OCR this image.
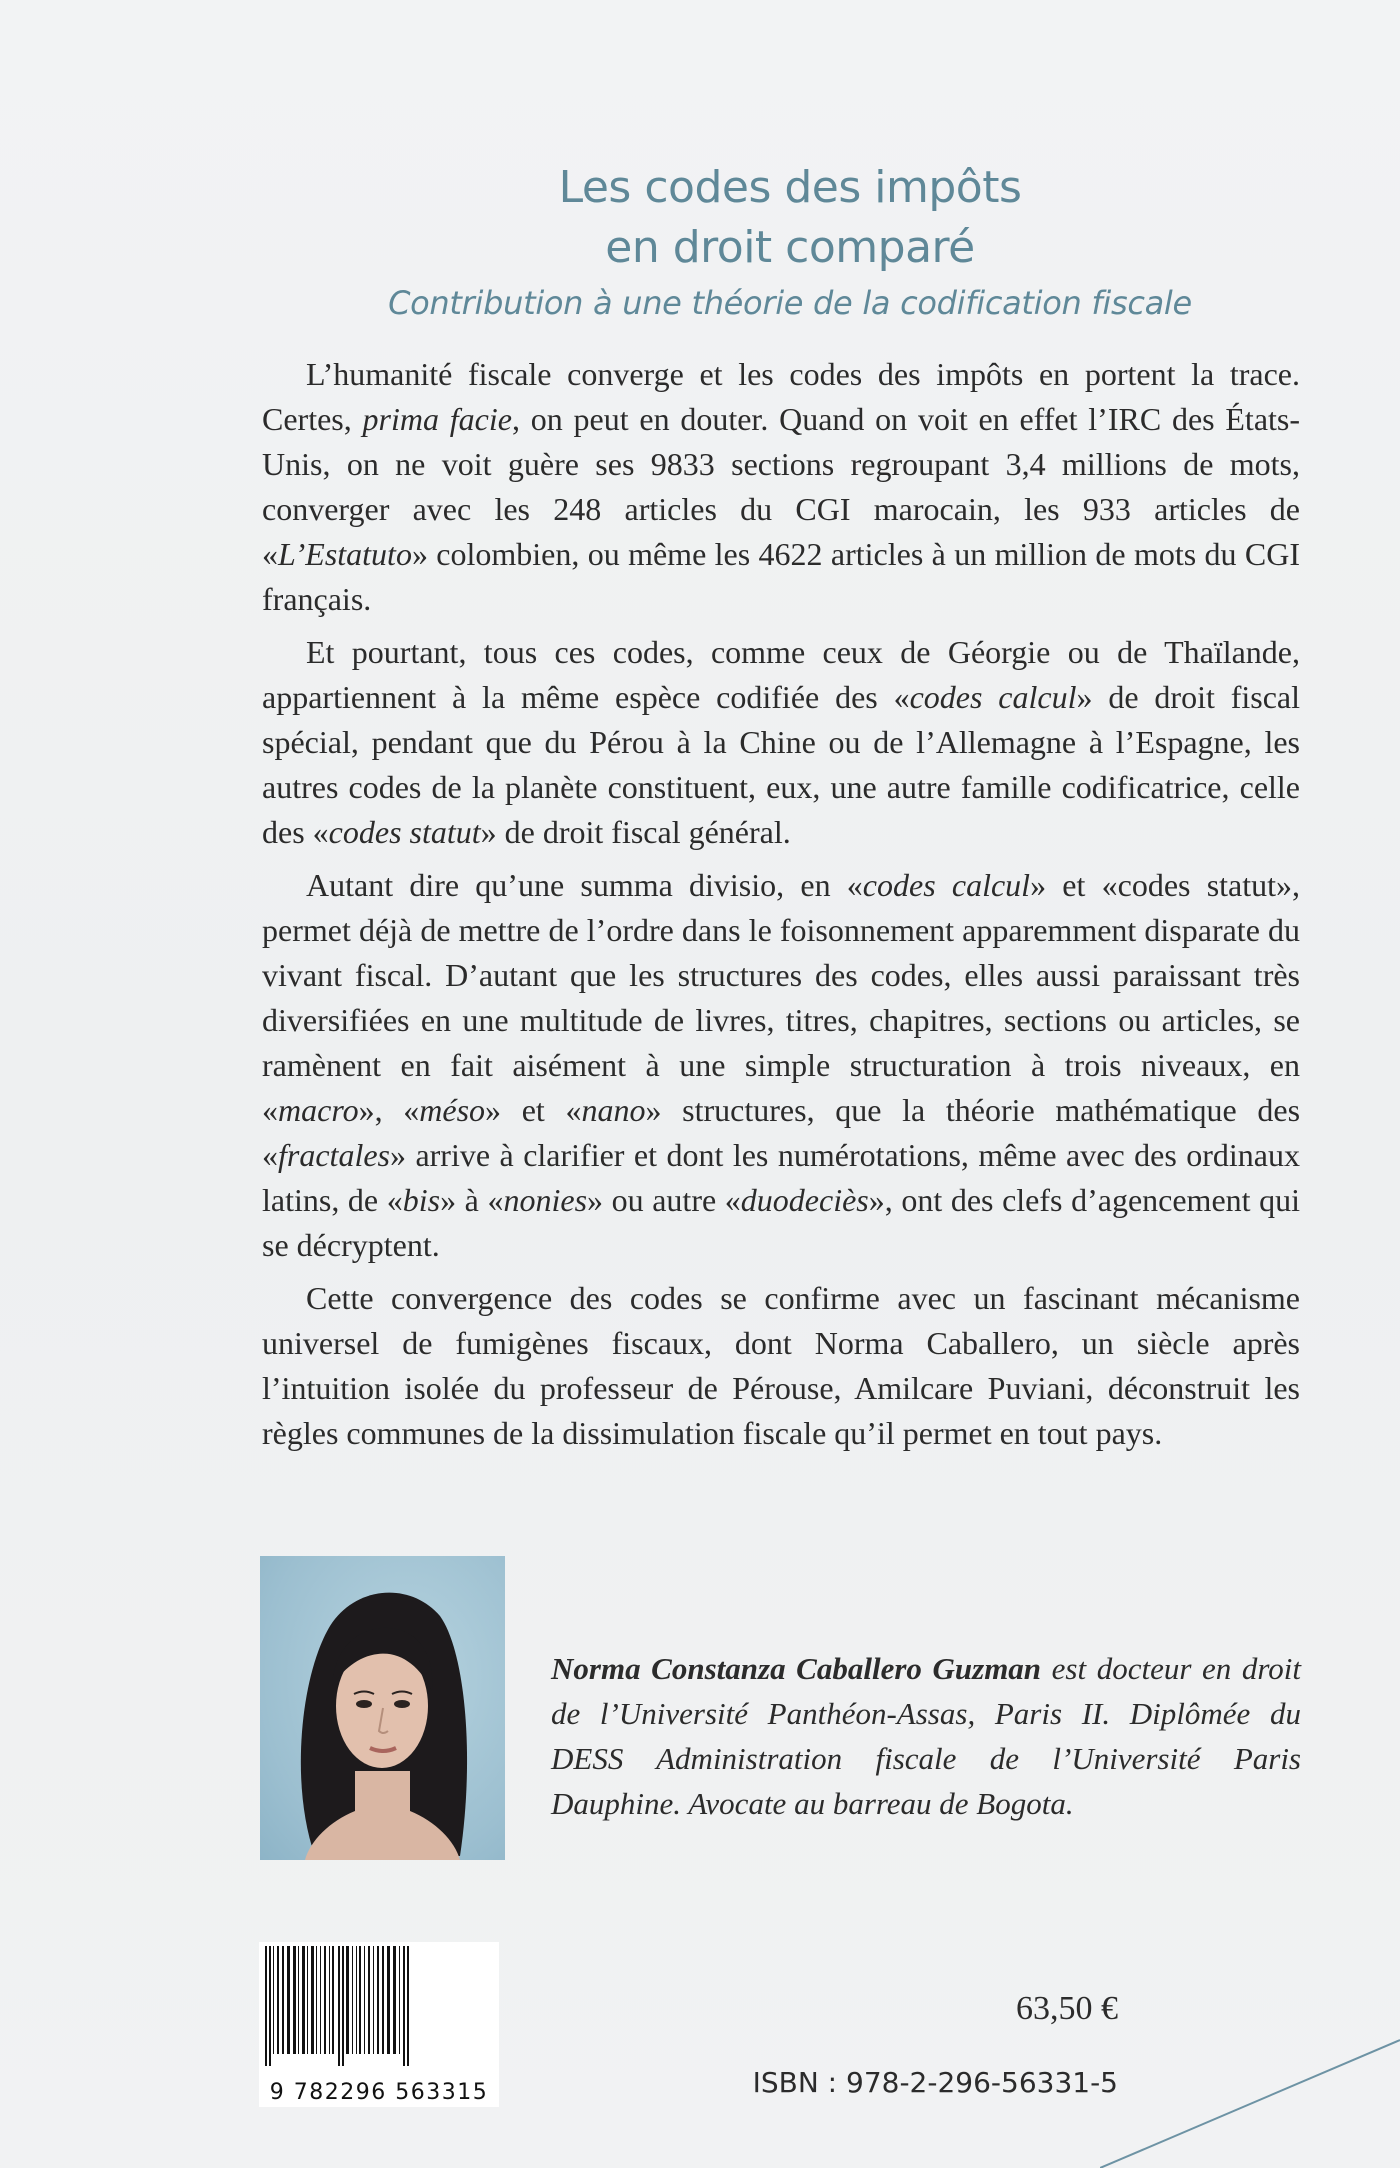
Les codes des impôts
en droit comparé
Contribution à une théorie de la codification fiscale

L’humanité fiscale converge et les codes des impôts en portent la trace. Certes, prima facie, on peut en douter. Quand on voit en effet l’IRC des États-Unis, on ne voit guère ses 9833 sections regroupant 3,4 millions de mots, converger avec les 248 articles du CGI marocain, les 933 articles de «L’Estatuto» colombien, ou même les 4622 articles à un million de mots du CGI français.

Et pourtant, tous ces codes, comme ceux de Géorgie ou de Thaïlande, appartiennent à la même espèce codifiée des «codes calcul» de droit fiscal spécial, pendant que du Pérou à la Chine ou de l’Allemagne à l’Espagne, les autres codes de la planète constituent, eux, une autre famille codificatrice, celle des «codes statut» de droit fiscal général.

Autant dire qu’une summa divisio, en «codes calcul» et «codes statut», permet déjà de mettre de l’ordre dans le foisonnement apparemment disparate du vivant fiscal. D’autant que les structures des codes, elles aussi paraissant très diversifiées en une multitude de livres, titres, chapitres, sections ou articles, se ramènent en fait aisément à une simple structuration à trois niveaux, en «macro», «méso» et «nano» structures, que la théorie mathématique des «fractales» arrive à clarifier et dont les numérotations, même avec des ordinaux latins, de «bis» à «nonies» ou autre «duodeciès», ont des clefs d’agencement qui se décryptent.

Cette convergence des codes se confirme avec un fascinant mécanisme universel de fumigènes fiscaux, dont Norma Caballero, un siècle après l’intuition isolée du professeur de Pérouse, Amilcare Puviani, déconstruit les règles communes de la dissimulation fiscale qu’il permet en tout pays.

Norma Constanza Caballero Guzman est docteur en droit de l’Université Panthéon-Assas, Paris II. Diplômée du DESS Administration fiscale de l’Université Paris Dauphine. Avocate au barreau de Bogota.
9 782296 563315
63,50 €
ISBN : 978-2-296-56331-5
